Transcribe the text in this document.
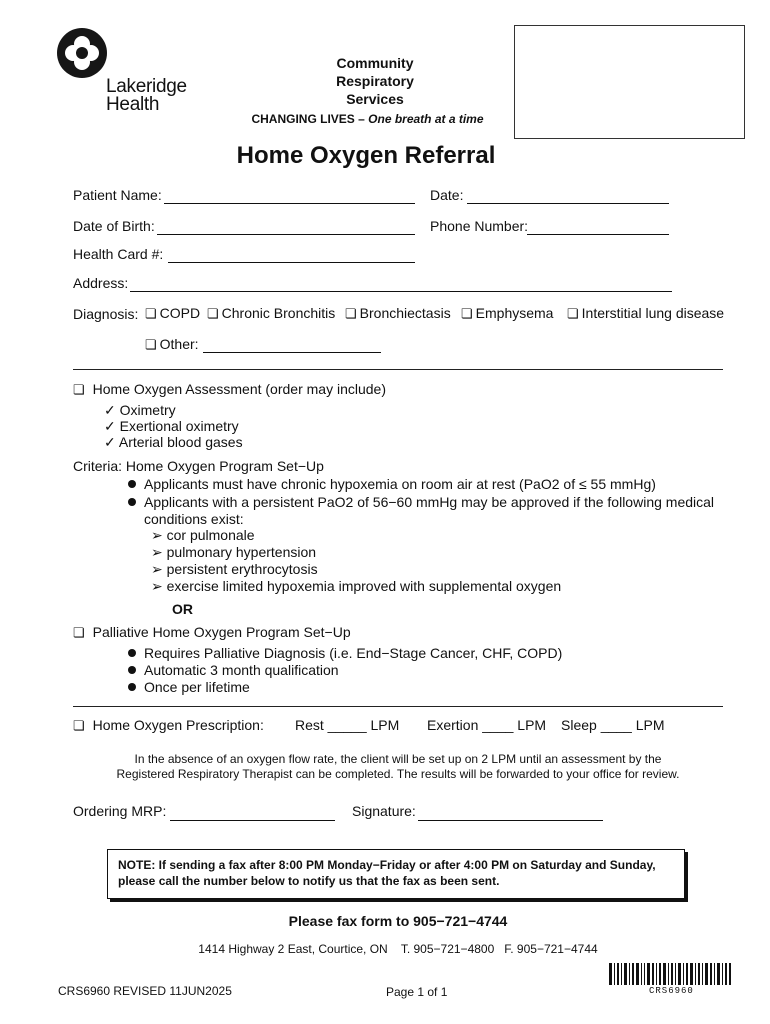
Lakeridge
Health
Community
Respiratory
Services
CHANGING LIVES – One breath at a time
Home Oxygen Referral
Patient Name:	Date:
Date of Birth:	Phone Number:
Health Card #:
Address:
Diagnosis: ❏ COPD ❏ Chronic Bronchitis ❏ Bronchiectasis ❏ Emphysema ❏ Interstitial lung disease
❏ Other:
❏ Home Oxygen Assessment (order may include)
✓ Oximetry
✓ Exertional oximetry
✓ Arterial blood gases
Criteria: Home Oxygen Program Set−Up
Applicants must have chronic hypoxemia on room air at rest (PaO2 of ≤ 55 mmHg)
Applicants with a persistent PaO2 of 56−60 mmHg may be approved if the following medical
conditions exist:
➢ cor pulmonale
➢ pulmonary hypertension
➢ persistent erythrocytosis
➢ exercise limited hypoxemia improved with supplemental oxygen
OR
❏ Palliative Home Oxygen Program Set−Up
Requires Palliative Diagnosis (i.e. End−Stage Cancer, CHF, COPD)
Automatic 3 month qualification
Once per lifetime
❏ Home Oxygen Prescription: Rest _____ LPM Exertion ____ LPM Sleep ____ LPM
In the absence of an oxygen flow rate, the client will be set up on 2 LPM until an assessment by the
Registered Respiratory Therapist can be completed. The results will be forwarded to your office for review.
Ordering MRP:	Signature:
NOTE: If sending a fax after 8:00 PM Monday−Friday or after 4:00 PM on Saturday and Sunday,
please call the number below to notify us that the fax as been sent.
Please fax form to 905−721−4744
1414 Highway 2 East, Courtice, ON    T. 905−721−4800   F. 905−721−4744
CRS6960 REVISED 11JUN2025	Page 1 of 1	CRS6960
